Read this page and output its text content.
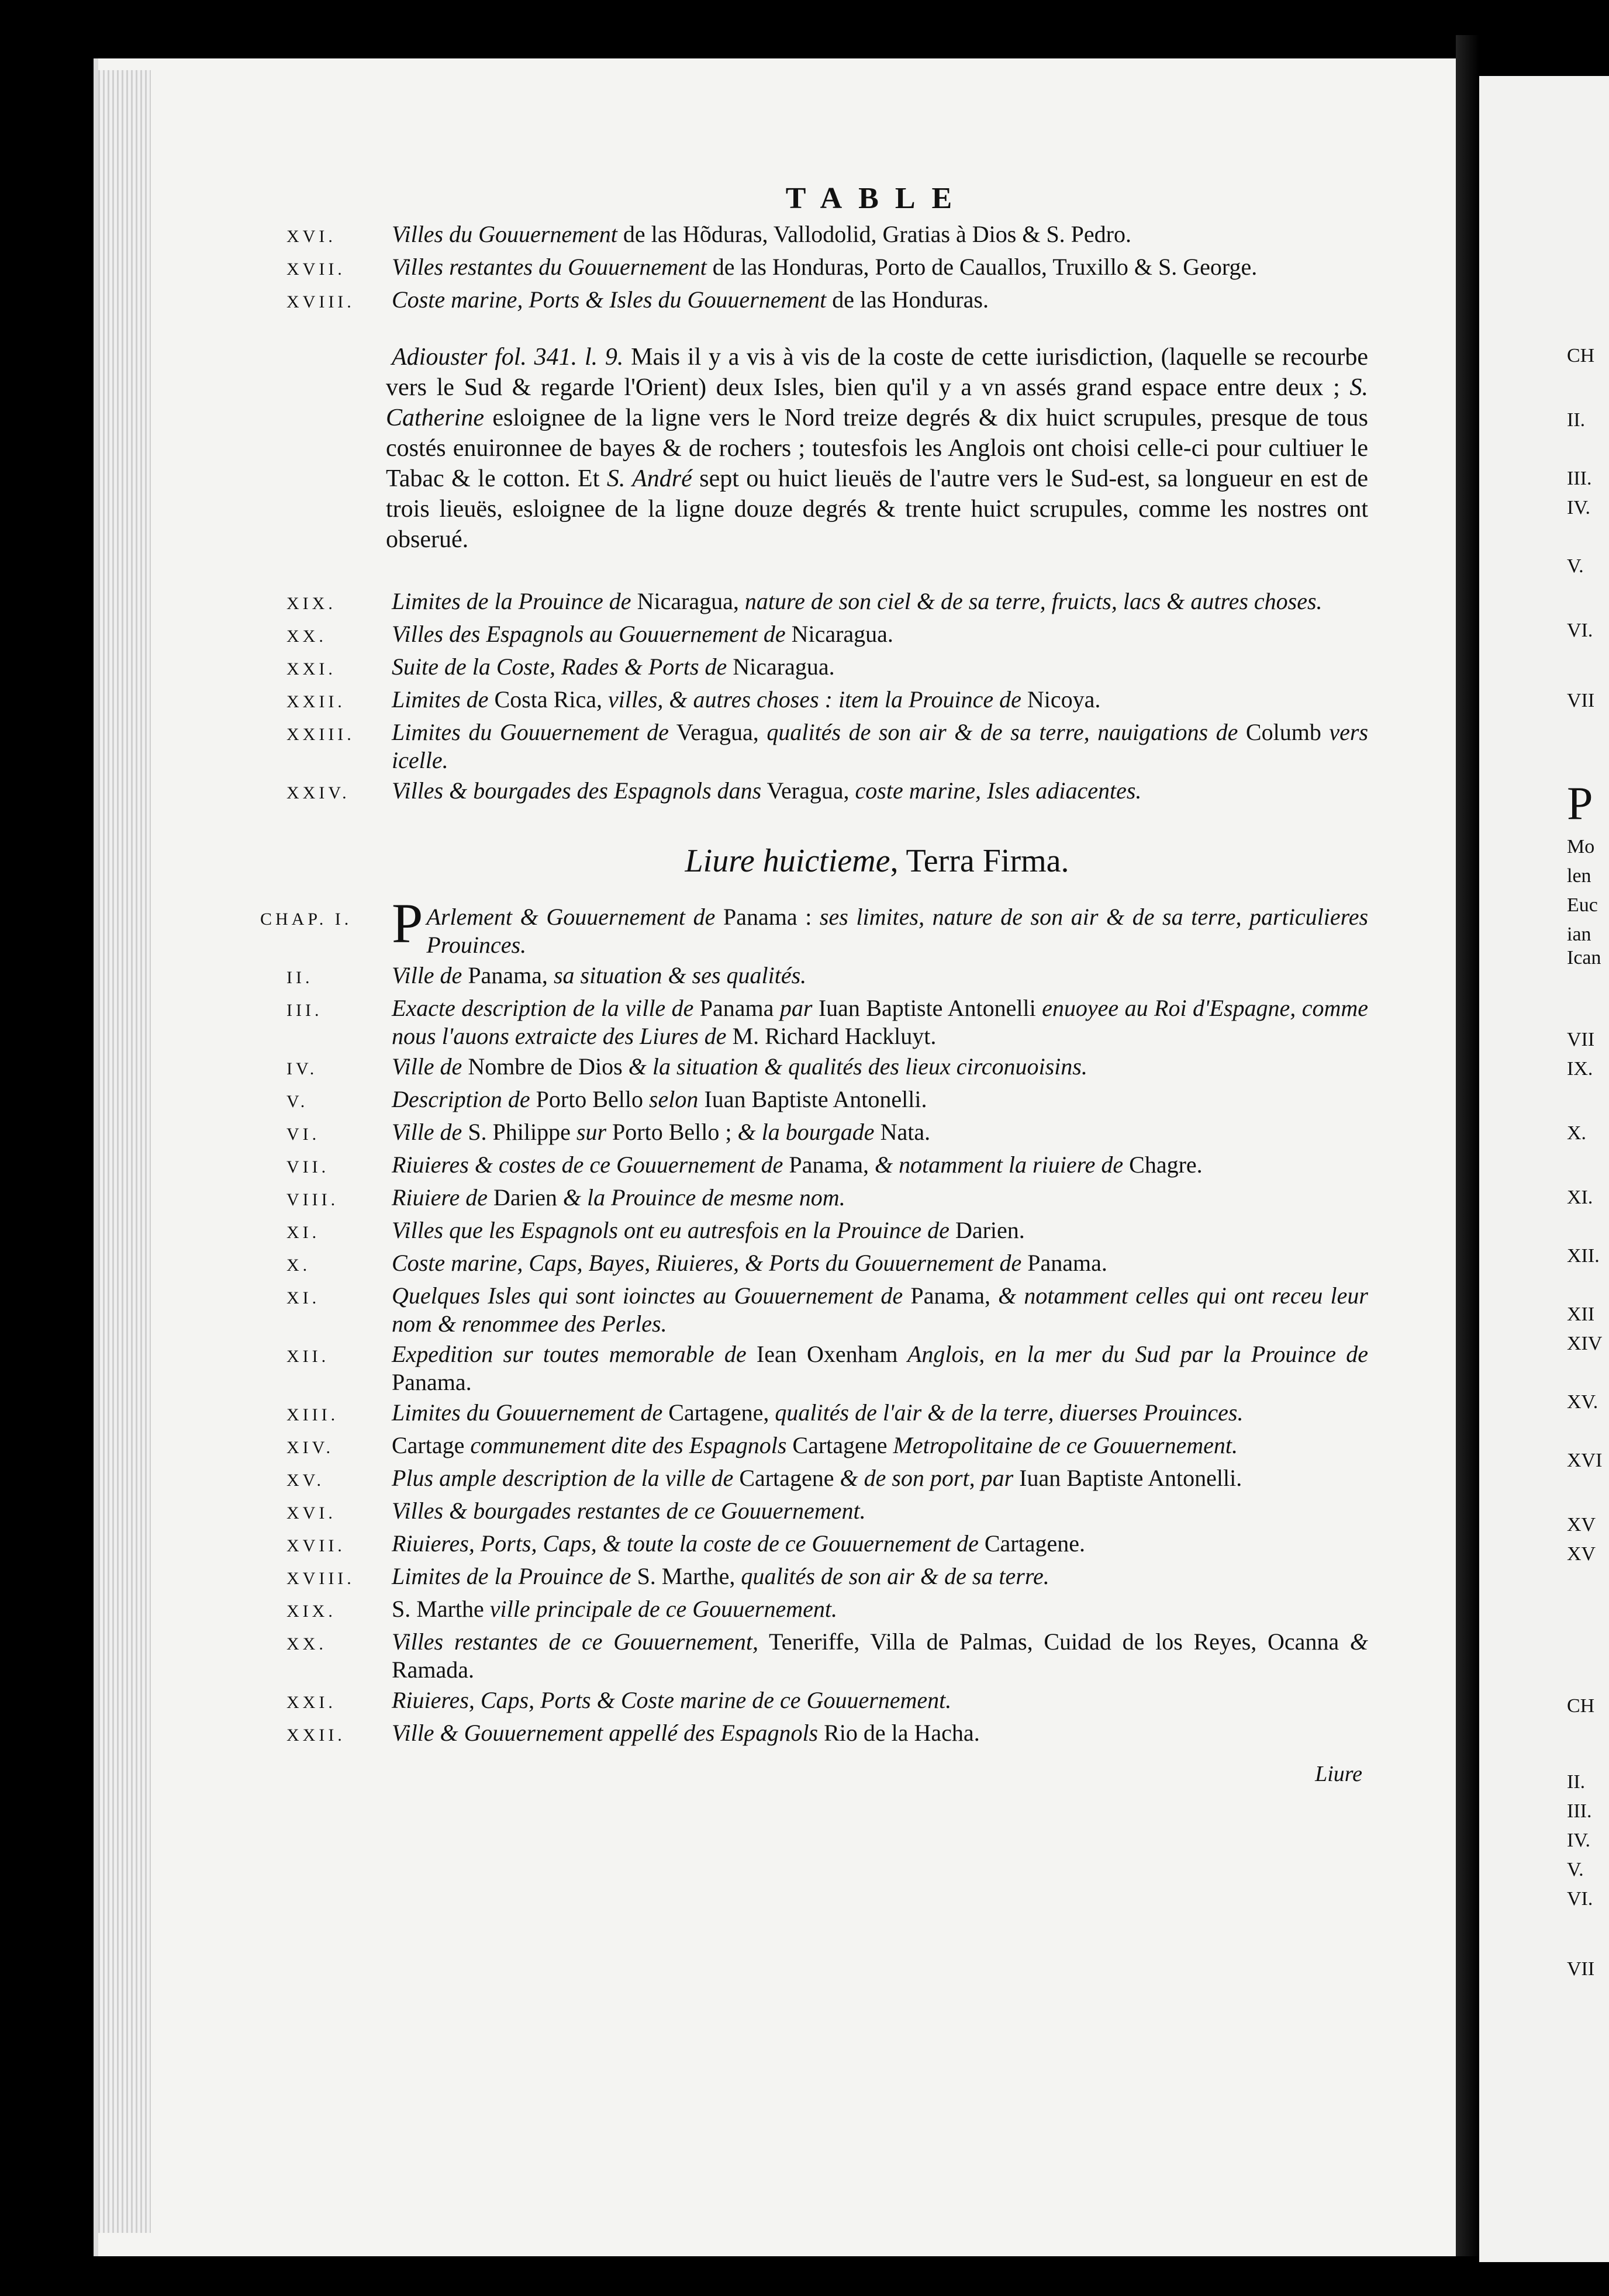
TABLE
XVI.	Villes du Gouuernement de las Hõduras, Vallodolid, Gratias à Dios & S. Pedro.
XVII.	Villes restantes du Gouuernement de las Honduras, Porto de Cauallos, Truxillo & S. George.
XVIII.	Coste marine, Ports & Isles du Gouuernement de las Honduras.
Adiouster fol. 341. l. 9. Mais il y a vis à vis de la coste de cette iurisdiction, (laquelle se recourbe vers le Sud & regarde l'Orient) deux Isles, bien qu'il y a vn assés grand espace entre deux ; S. Catherine esloignee de la ligne vers le Nord treize degrés & dix huict scrupules, presque de tous costés enuironnee de bayes & de rochers ; toutesfois les Anglois ont choisi celle-ci pour cultiuer le Tabac & le cotton. Et S. André sept ou huict lieuës de l'autre vers le Sud-est, sa longueur en est de trois lieuës, esloignee de la ligne douze degrés & trente huict scrupules, comme les nostres ont obserué.
XIX.	Limites de la Prouince de Nicaragua, nature de son ciel & de sa terre, fruicts, lacs & autres choses.
XX.	Villes des Espagnols au Gouuernement de Nicaragua.
XXI.	Suite de la Coste, Rades & Ports de Nicaragua.
XXII.	Limites de Costa Rica, villes, & autres choses : item la Prouince de Nicoya.
XXIII.	Limites du Gouuernement de Veragua, qualités de son air & de sa terre, nauigations de Columb vers icelle.
XXIV.	Villes & bourgades des Espagnols dans Veragua, coste marine, Isles adiacentes.
Liure huictieme, Terra Firma.
CHAP. I. P Arlement & Gouuernement de Panama : ses limites, nature de son air & de sa terre, particulieres Prouinces.
II.	Ville de Panama, sa situation & ses qualités.
III.	Exacte description de la ville de Panama par Iuan Baptiste Antonelli enuoyee au Roi d'Espagne, comme nous l'auons extraicte des Liures de M. Richard Hackluyt.
IV.	Ville de Nombre de Dios & la situation & qualités des lieux circonuoisins.
V.	Description de Porto Bello selon Iuan Baptiste Antonelli.
VI.	Ville de S. Philippe sur Porto Bello ; & la bourgade Nata.
VII.	Riuieres & costes de ce Gouuernement de Panama, & notamment la riuiere de Chagre.
VIII.	Riuiere de Darien & la Prouince de mesme nom.
XI.	Villes que les Espagnols ont eu autresfois en la Prouince de Darien.
X.	Coste marine, Caps, Bayes, Riuieres, & Ports du Gouuernement de Panama.
XI.	Quelques Isles qui sont ioinctes au Gouuernement de Panama, & notamment celles qui ont receu leur nom & renommee des Perles.
XII.	Expedition sur toutes memorable de Iean Oxenham Anglois, en la mer du Sud par la Prouince de Panama.
XIII.	Limites du Gouuernement de Cartagene, qualités de l'air & de la terre, diuerses Prouinces.
XIV.	Cartage communement dite des Espagnols Cartagene Metropolitaine de ce Gouuernement.
XV.	Plus ample description de la ville de Cartagene & de son port, par Iuan Baptiste Antonelli.
XVI.	Villes & bourgades restantes de ce Gouuernement.
XVII.	Riuieres, Ports, Caps, & toute la coste de ce Gouuernement de Cartagene.
XVIII.	Limites de la Prouince de S. Marthe, qualités de son air & de sa terre.
XIX.	S. Marthe ville principale de ce Gouuernement.
XX.	Villes restantes de ce Gouuernement, Teneriffe, Villa de Palmas, Cuidad de los Reyes, Ocanna & Ramada.
XXI.	Riuieres, Caps, Ports & Coste marine de ce Gouuernement.
XXII.	Ville & Gouuernement appellé des Espagnols Rio de la Hacha.
Liure
CH
II.
III.
IV.
V.
VI.
VII
P
Mo
len
Euc
ian
Ican
VII
IX.
X.
XI.
XII.
XII
XIV
XV.
XVI
XV
XV
CH
II.
III.
IV.
V.
VI.
VII
